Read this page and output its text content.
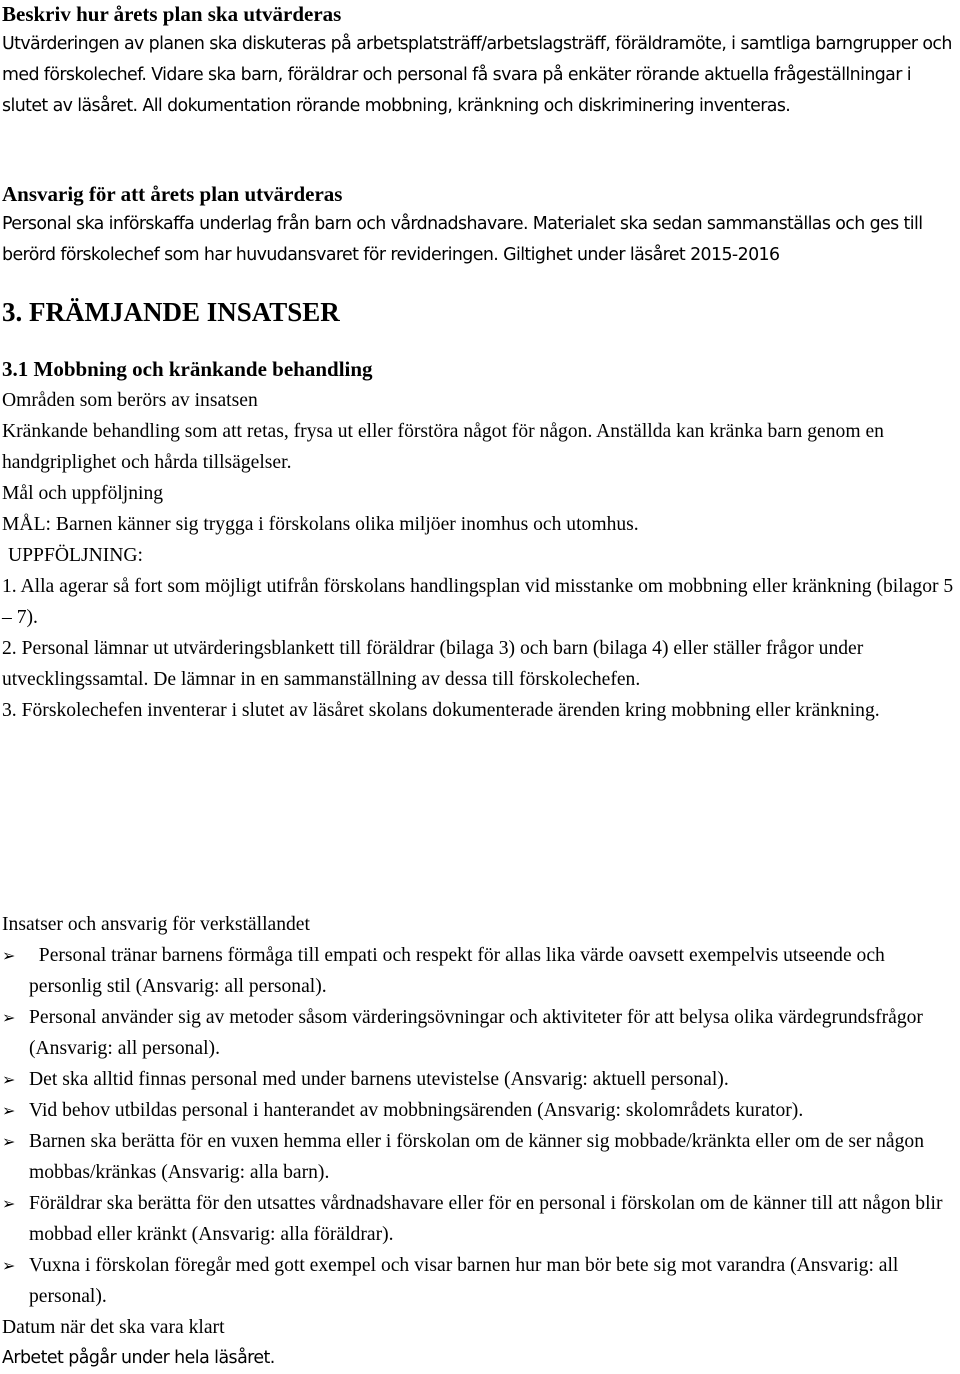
Beskriv hur årets plan ska utvärderas

Utvärderingen av planen ska diskuteras på arbetsplatsträff/arbetslagsträff, föräldramöte, i samtliga barngrupper och med förskolechef. Vidare ska barn, föräldrar och personal få svara på enkäter rörande aktuella frågeställningar i slutet av läsåret. All dokumentation rörande mobbning, kränkning och diskriminering inventeras.

Ansvarig för att årets plan utvärderas

Personal ska införskaffa underlag från barn och vårdnadshavare. Materialet ska sedan sammanställas och ges till berörd förskolechef som har huvudansvaret för revideringen. Giltighet under läsåret 2015-2016

3. FRÄMJANDE INSATSER
3.1 Mobbning och kränkande behandling
Områden som berörs av insatsen

Kränkande behandling som att retas, frysa ut eller förstöra något för någon. Anställda kan kränka barn genom en handgriplighet och hårda tillsägelser.

Mål och uppföljning
MÅL: Barnen känner sig trygga i förskolans olika miljöer inomhus och utomhus.
UPPFÖLJNING:

1. Alla agerar så fort som möjligt utifrån förskolans handlingsplan vid misstanke om mobbning eller kränkning (bilagor 5 – 7).

2. Personal lämnar ut utvärderingsblankett till föräldrar (bilaga 3) och barn (bilaga 4) eller ställer frågor under utvecklingssamtal. De lämnar in en sammanställning av dessa till förskolechefen.

3. Förskolechefen inventerar i slutet av läsåret skolans dokumenterade ärenden kring mobbning eller kränkning.

Insatser och ansvarig för verkställandet
➢ Personal tränar barnens förmåga till empati och respekt för allas lika värde oavsett exempelvis utseende och personlig stil (Ansvarig: all personal).
➢ Personal använder sig av metoder såsom värderingsövningar och aktiviteter för att belysa olika värdegrundsfrågor (Ansvarig: all personal).
➢ Det ska alltid finnas personal med under barnens utevistelse (Ansvarig: aktuell personal).
➢ Vid behov utbildas personal i hanterandet av mobbningsärenden (Ansvarig: skolområdets kurator).
➢ Barnen ska berätta för en vuxen hemma eller i förskolan om de känner sig mobbade/kränkta eller om de ser någon mobbas/kränkas (Ansvarig: alla barn).
➢ Föräldrar ska berätta för den utsattes vårdnadshavare eller för en personal i förskolan om de känner till att någon blir mobbad eller kränkt (Ansvarig: alla föräldrar).
➢ Vuxna i förskolan föregår med gott exempel och visar barnen hur man bör bete sig mot varandra (Ansvarig: all personal).
Datum när det ska vara klart
Arbetet pågår under hela läsåret.
